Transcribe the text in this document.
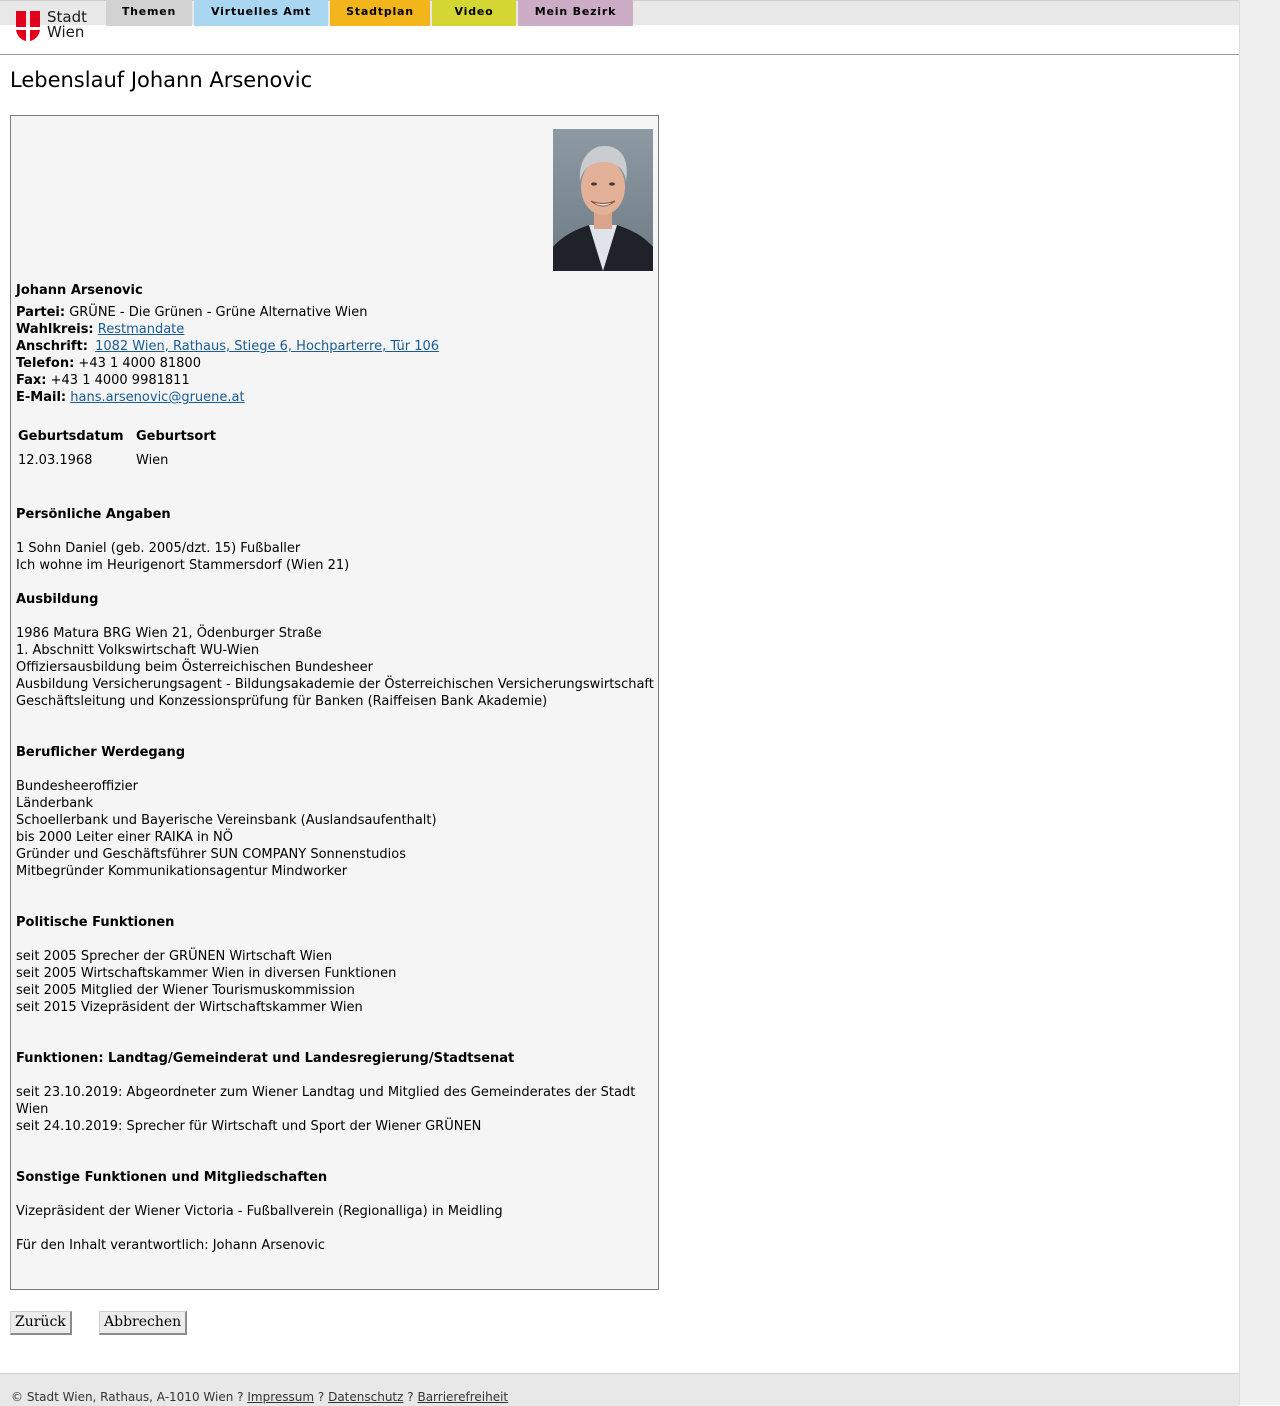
Stadt
Wien
Themen	Virtuelles Amt	Stadtplan	Video	Mein Bezirk
Lebenslauf Johann Arsenovic
Johann Arsenovic
Partei: GRÜNE - Die Grünen - Grüne Alternative Wien
Wahlkreis: Restmandate
Anschrift: 1082 Wien, Rathaus, Stiege 6, Hochparterre, Tür 106
Telefon: +43 1 4000 81800
Fax: +43 1 4000 9981811
E-Mail: hans.arsenovic@gruene.at
Geburtsdatum Geburtsort
12.03.1968	Wien
Persönliche Angaben
1 Sohn Daniel (geb. 2005/dzt. 15) Fußballer
Ich wohne im Heurigenort Stammersdorf (Wien 21)
Ausbildung
1986 Matura BRG Wien 21, Ödenburger Straße
1. Abschnitt Volkswirtschaft WU-Wien
Offiziersausbildung beim Österreichischen Bundesheer
Ausbildung Versicherungsagent - Bildungsakademie der Österreichischen Versicherungswirtschaft
Geschäftsleitung und Konzessionsprüfung für Banken (Raiffeisen Bank Akademie)
Beruflicher Werdegang
Bundesheeroffizier
Länderbank
Schoellerbank und Bayerische Vereinsbank (Auslandsaufenthalt)
bis 2000 Leiter einer RAIKA in NÖ
Gründer und Geschäftsführer SUN COMPANY Sonnenstudios
Mitbegründer Kommunikationsagentur Mindworker
Politische Funktionen
seit 2005 Sprecher der GRÜNEN Wirtschaft Wien
seit 2005 Wirtschaftskammer Wien in diversen Funktionen
seit 2005 Mitglied der Wiener Tourismuskommission
seit 2015 Vizepräsident der Wirtschaftskammer Wien
Funktionen: Landtag/Gemeinderat und Landesregierung/Stadtsenat
seit 23.10.2019: Abgeordneter zum Wiener Landtag und Mitglied des Gemeinderates der Stadt Wien
seit 24.10.2019: Sprecher für Wirtschaft und Sport der Wiener GRÜNEN
Sonstige Funktionen und Mitgliedschaften
Vizepräsident der Wiener Victoria - Fußballverein (Regionalliga) in Meidling
Für den Inhalt verantwortlich: Johann Arsenovic
Zurück	Abbrechen
© Stadt Wien, Rathaus, A-1010 Wien ? Impressum ? Datenschutz ? Barrierefreiheit
